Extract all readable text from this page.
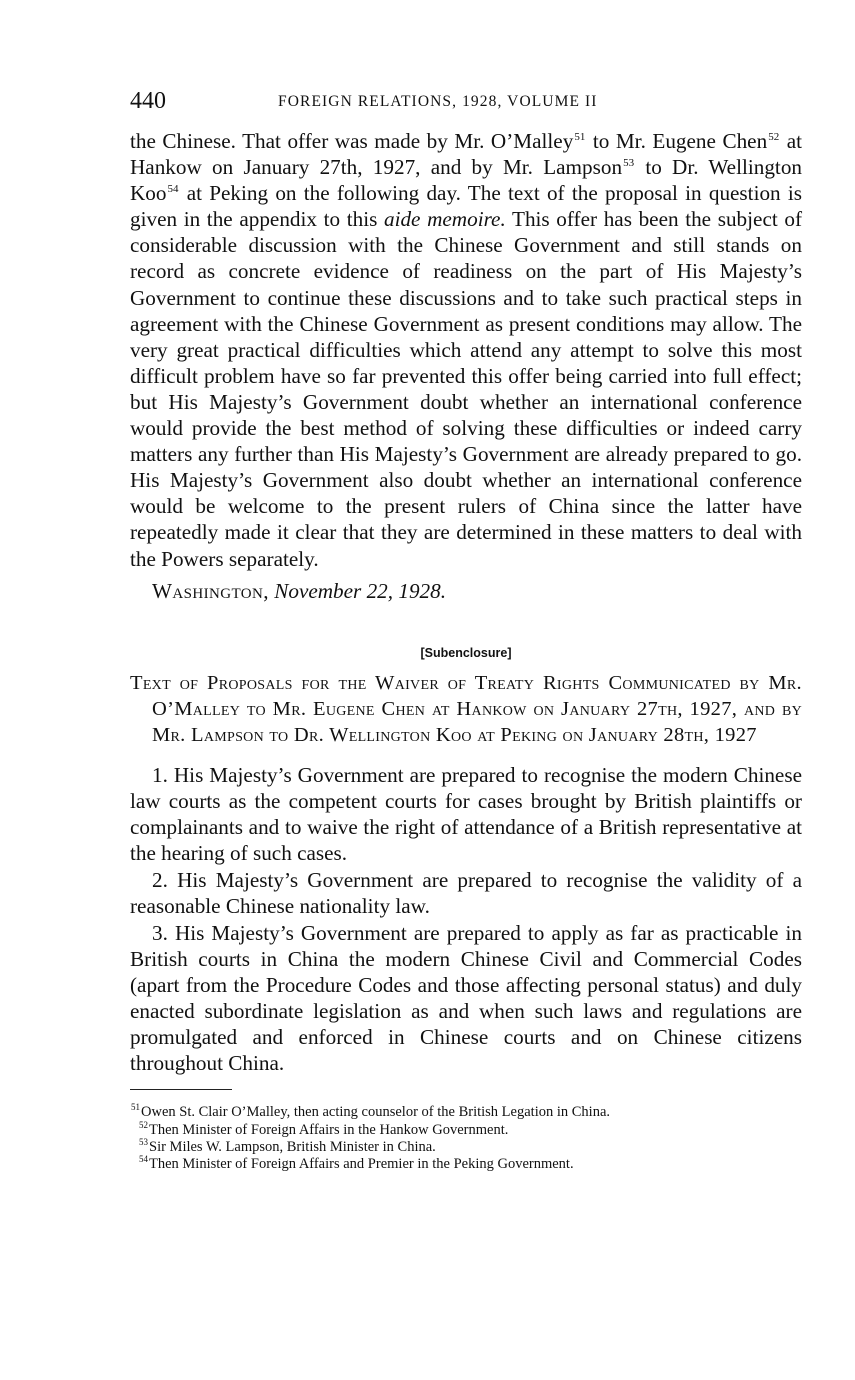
440	FOREIGN RELATIONS, 1928, VOLUME II

the Chinese. That offer was made by Mr. O’Malley$^{51}$ to Mr. Eugene Chen$^{52}$ at Hankow on January 27th, 1927, and by Mr. Lampson$^{53}$ to Dr. Wellington Koo$^{54}$ at Peking on the following day. The text of the proposal in question is given in the appendix to this aide memoire. This offer has been the subject of considerable discussion with the Chinese Government and still stands on record as concrete evidence of readiness on the part of His Majesty’s Government to continue these discussions and to take such practical steps in agreement with the Chinese Government as present conditions may allow. The very great practical difficulties which attend any attempt to solve this most difficult problem have so far prevented this offer being carried into full effect; but His Majesty’s Government doubt whether an international conference would provide the best method of solving these difficulties or indeed carry matters any further than His Majesty’s Government are already prepared to go. His Majesty’s Government also doubt whether an international conference would be welcome to the present rulers of China since the latter have repeatedly made it clear that they are determined in these matters to deal with the Powers separately.

Washington, November 22, 1928.
[Subenclosure]
Text of Proposals for the Waiver of Treaty Rights Communicated by Mr. O’Malley to Mr. Eugene Chen at Hankow on January 27th, 1927, and by Mr. Lampson to Dr. Wellington Koo at Peking on January 28th, 1927

1. His Majesty’s Government are prepared to recognise the modern Chinese law courts as the competent courts for cases brought by British plaintiffs or complainants and to waive the right of attendance of a British representative at the hearing of such cases.

2. His Majesty’s Government are prepared to recognise the validity of a reasonable Chinese nationality law.

3. His Majesty’s Government are prepared to apply as far as practicable in British courts in China the modern Chinese Civil and Commercial Codes (apart from the Procedure Codes and those affecting personal status) and duly enacted subordinate legislation as and when such laws and regulations are promulgated and enforced in Chinese courts and on Chinese citizens throughout China.

$^{51}$Owen St. Clair O’Malley, then acting counselor of the British Legation in China.
$^{52}$Then Minister of Foreign Affairs in the Hankow Government.
$^{53}$Sir Miles W. Lampson, British Minister in China.
$^{54}$Then Minister of Foreign Affairs and Premier in the Peking Government.
